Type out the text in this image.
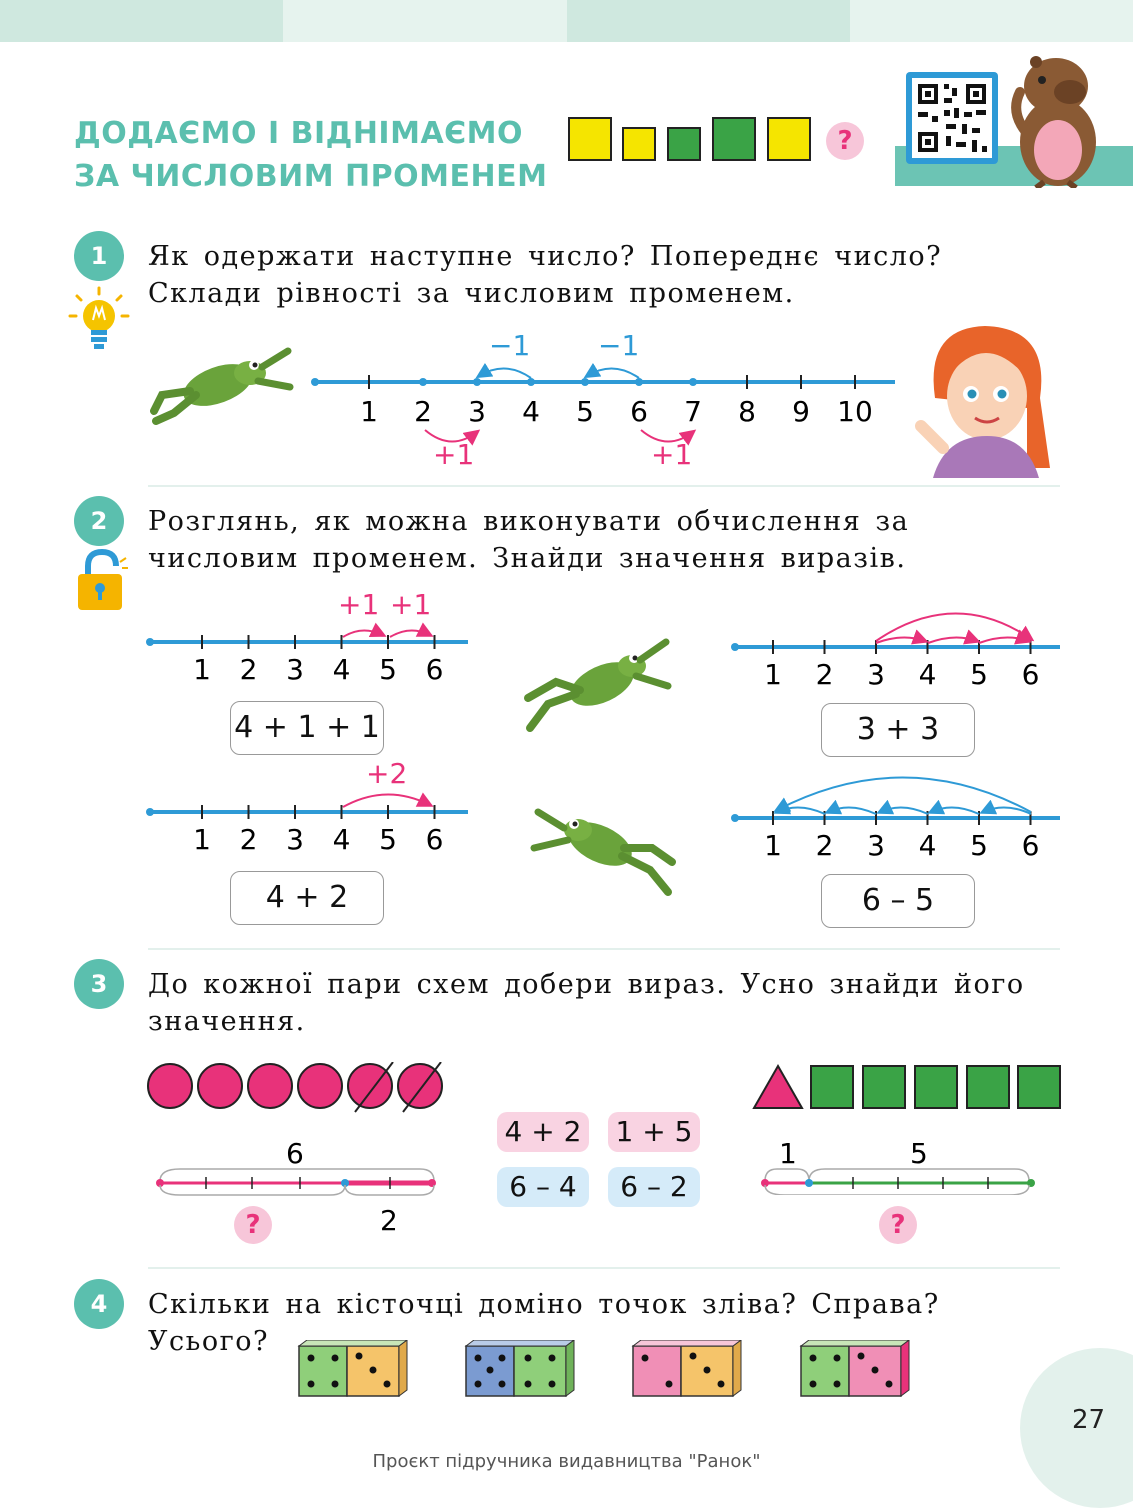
ДОДАЄМО І ВІДНІМАЄМО
ЗА ЧИСЛОВИМ ПРОМЕНЕМ
?
1	Як одержати наступне число? Попереднє число? Склади рівності за числовим променем.
1 2 3 4 5 6 7 8 9 10
−1 −1
+1	+1
2	Розглянь, як можна виконувати обчислення за числовим променем. Знайди значення виразів.
1 2 3 4 5 6
+1 +1
4 + 1 + 1
1 2 3 4 5 6
+2
4 + 2
1 2 3 4 5 6
3 + 3
1 2 3 4 5 6
6 – 5
3	До кожної пари схем добери вираз. Усно знайди його значення.
6
2
?
4 + 2 1 + 5
6 – 4	6 – 2
1	5
?
4	Скільки на кісточці доміно точок зліва? Справа? Усього?
27
Проєкт підручника видавництва "Ранок"
